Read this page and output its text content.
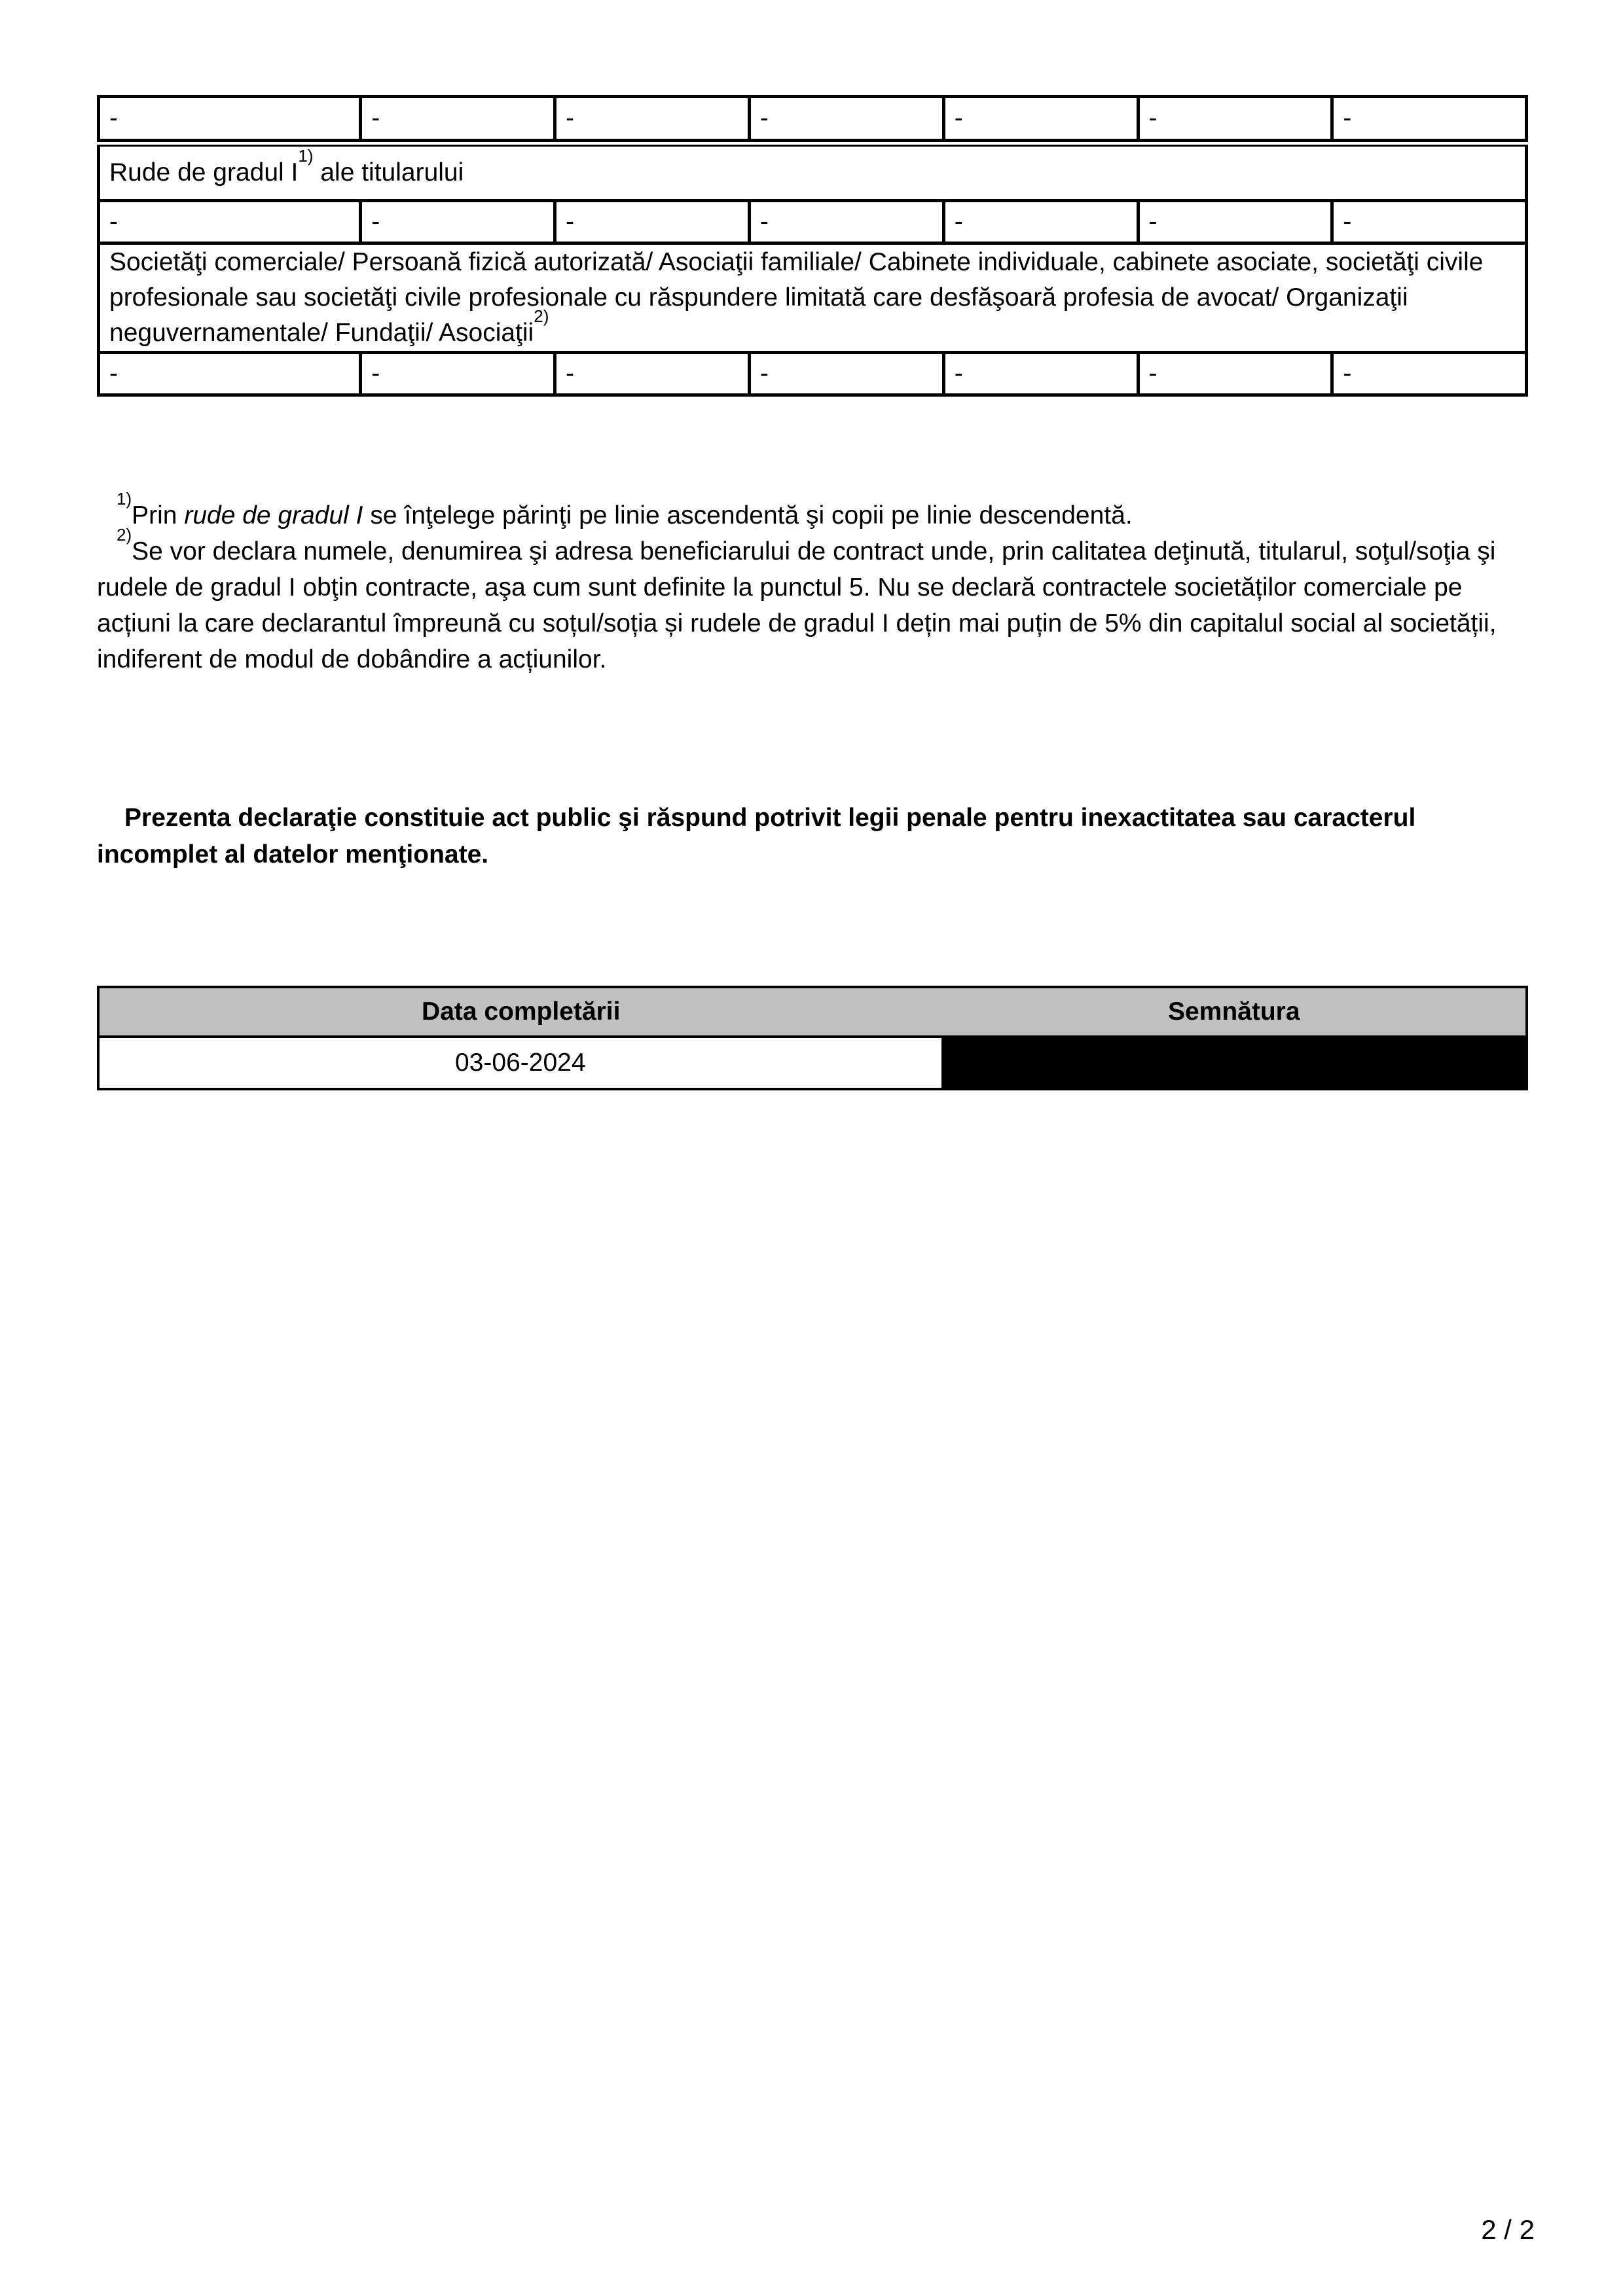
-	-	-	-	-	-	-
Rude de gradul I$^{1)}$ ale titularului						
-	-	-	-	-	-	-
Societăţi comerciale/ Persoană fizică autorizată/ Asociaţii familiale/ Cabinete individuale, cabinete asociate, societăţi civile profesionale sau societăţi civile profesionale cu răspundere limitată care desfăşoară profesia de avocat/ Organizaţii neguvernamentale/ Fundaţii/ Asociaţii$^{2)}$
-	-	-	-	-	-	-

$^{1)}$Prin rude de gradul I se înţelege părinţi pe linie ascendentă şi copii pe linie descendentă.

$^{2)}$Se vor declara numele, denumirea şi adresa beneficiarului de contract unde, prin calitatea deţinută, titularul, soţul/soţia şi rudele de gradul I obţin contracte, aşa cum sunt definite la punctul 5. Nu se declară contractele societăților comerciale pe acțiuni la care declarantul împreună cu soțul/soția și rudele de gradul I dețin mai puțin de 5% din capitalul social al societății, indiferent de modul de dobândire a acțiunilor.

Prezenta declaraţie constituie act public şi răspund potrivit legii penale pentru inexactitatea sau caracterul incomplet al datelor menţionate.

Data completării	Semnătura
03-06-2024	
2 / 2
